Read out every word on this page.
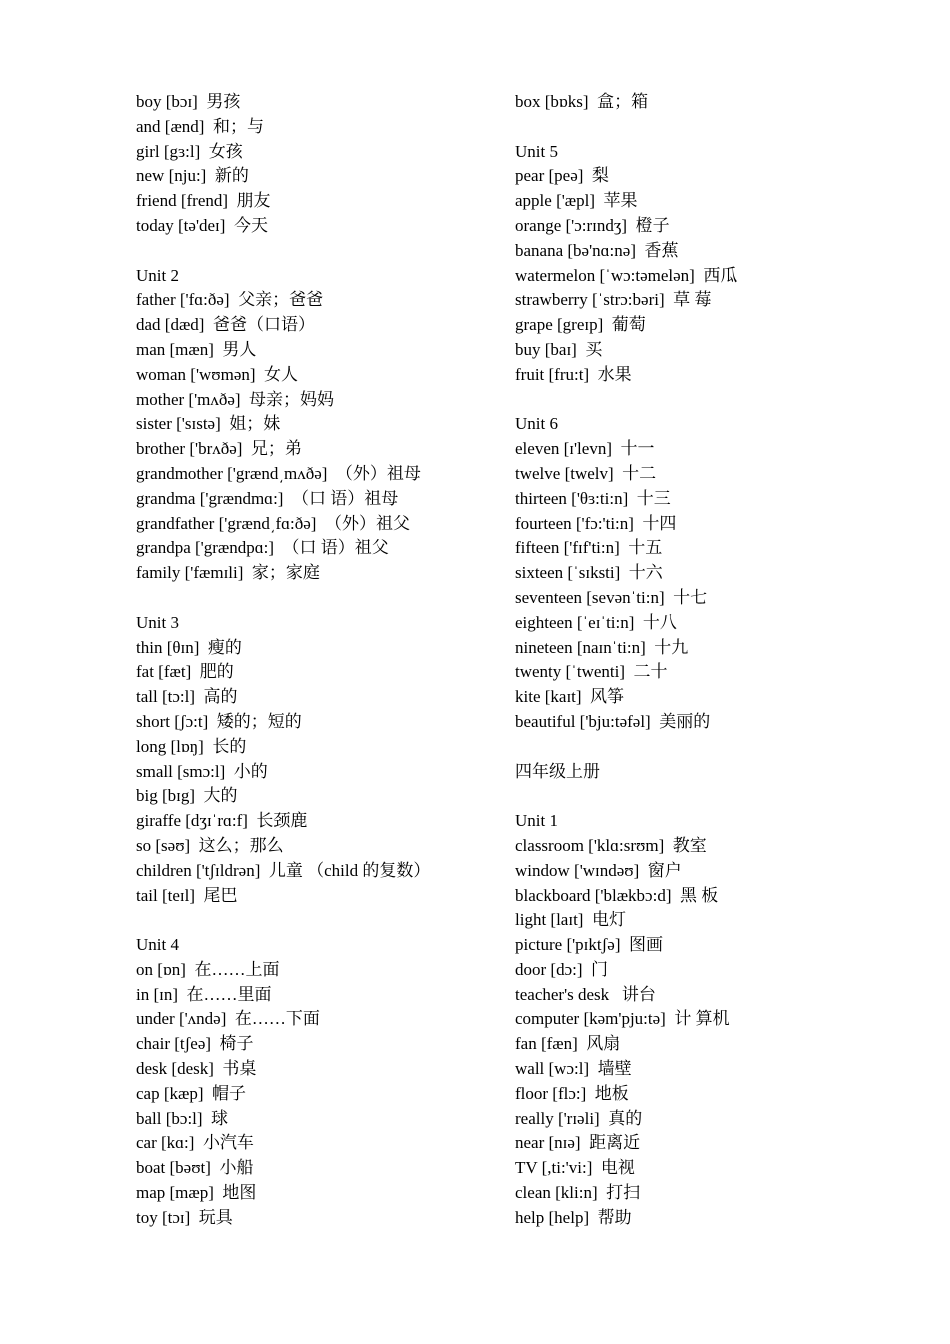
boy [bɔɪ]  男孩
and [ænd]  和；与
girl [gɜ:l]  女孩
new [nju:]  新的
friend [frend]  朋友
today [tə'deɪ]  今天
Unit 2
father ['fɑ:ðə]  父亲；爸爸
dad [dæd]  爸爸（口语）
man [mæn]  男人
woman ['wʊmən]  女人
mother ['mʌðə]  母亲；妈妈
sister ['sɪstə]  姐；妹
brother ['brʌðə]  兄；弟
grandmother ['grænd͵mʌðə]  （外）祖母
grandma ['grændmɑ:]  （口 语）祖母
grandfather ['grænd͵fɑ:ðə]  （外）祖父
grandpa ['grændpɑ:]  （口 语）祖父
family ['fæmɪli]  家；家庭
Unit 3
thin [θɪn]  瘦的
fat [fæt]  肥的
tall [tɔ:l]  高的
short [ʃɔ:t]  矮的；短的
long [lɒŋ]  长的
small [smɔ:l]  小的
big [bɪg]  大的
giraffe [dʒɪˈrɑ:f]  长颈鹿
so [səʊ]  这么；那么
children ['tʃɪldrən]  儿童 （child 的复数）
tail [teɪl]  尾巴
Unit 4
on [ɒn]  在……上面
in [ɪn]  在……里面
under ['ʌndə]  在……下面
chair [tʃeə]  椅子
desk [desk]  书桌
cap [kæp]  帽子
ball [bɔ:l]  球
car [kɑ:]  小汽车
boat [bəʊt]  小船
map [mæp]  地图
toy [tɔɪ]  玩具
box [bɒks]  盒；箱
Unit 5
pear [peə]  梨
apple ['æpl]  苹果
orange ['ɔ:rɪndʒ]  橙子
banana [bə'nɑ:nə]  香蕉
watermelon [ˈwɔ:təmelən]  西瓜
strawberry [ˈstrɔ:bəri]  草 莓
grape [greɪp]  葡萄
buy [baɪ]  买
fruit [fru:t]  水果
Unit 6
eleven [ɪ'levn]  十一
twelve [twelv]  十二
thirteen ['θɜ:ti:n]  十三
fourteen ['fɔ:'ti:n]  十四
fifteen ['fɪf'ti:n]  十五
sixteen [ˈsɪksti]  十六
seventeen [sevənˈti:n]  十七
eighteen [ˈeɪˈti:n]  十八
nineteen [naɪnˈti:n]  十九
twenty [ˈtwenti]  二十
kite [kaɪt]  风筝
beautiful ['bju:təfəl]  美丽的
四年级上册
Unit 1
classroom ['klɑ:srʊm]  教室
window ['wɪndəʊ]  窗户
blackboard ['blækbɔ:d]  黑 板
light [laɪt]  电灯
picture ['pɪktʃə]  图画
door [dɔ:]  门
teacher's desk   讲台
computer [kəm'pju:tə]  计 算机
fan [fæn]  风扇
wall [wɔ:l]  墙壁
floor [flɔ:]  地板
really ['rɪəli]  真的
near [nɪə]  距离近
TV [,ti:'vi:]  电视
clean [kli:n]  打扫
help [help]  帮助
